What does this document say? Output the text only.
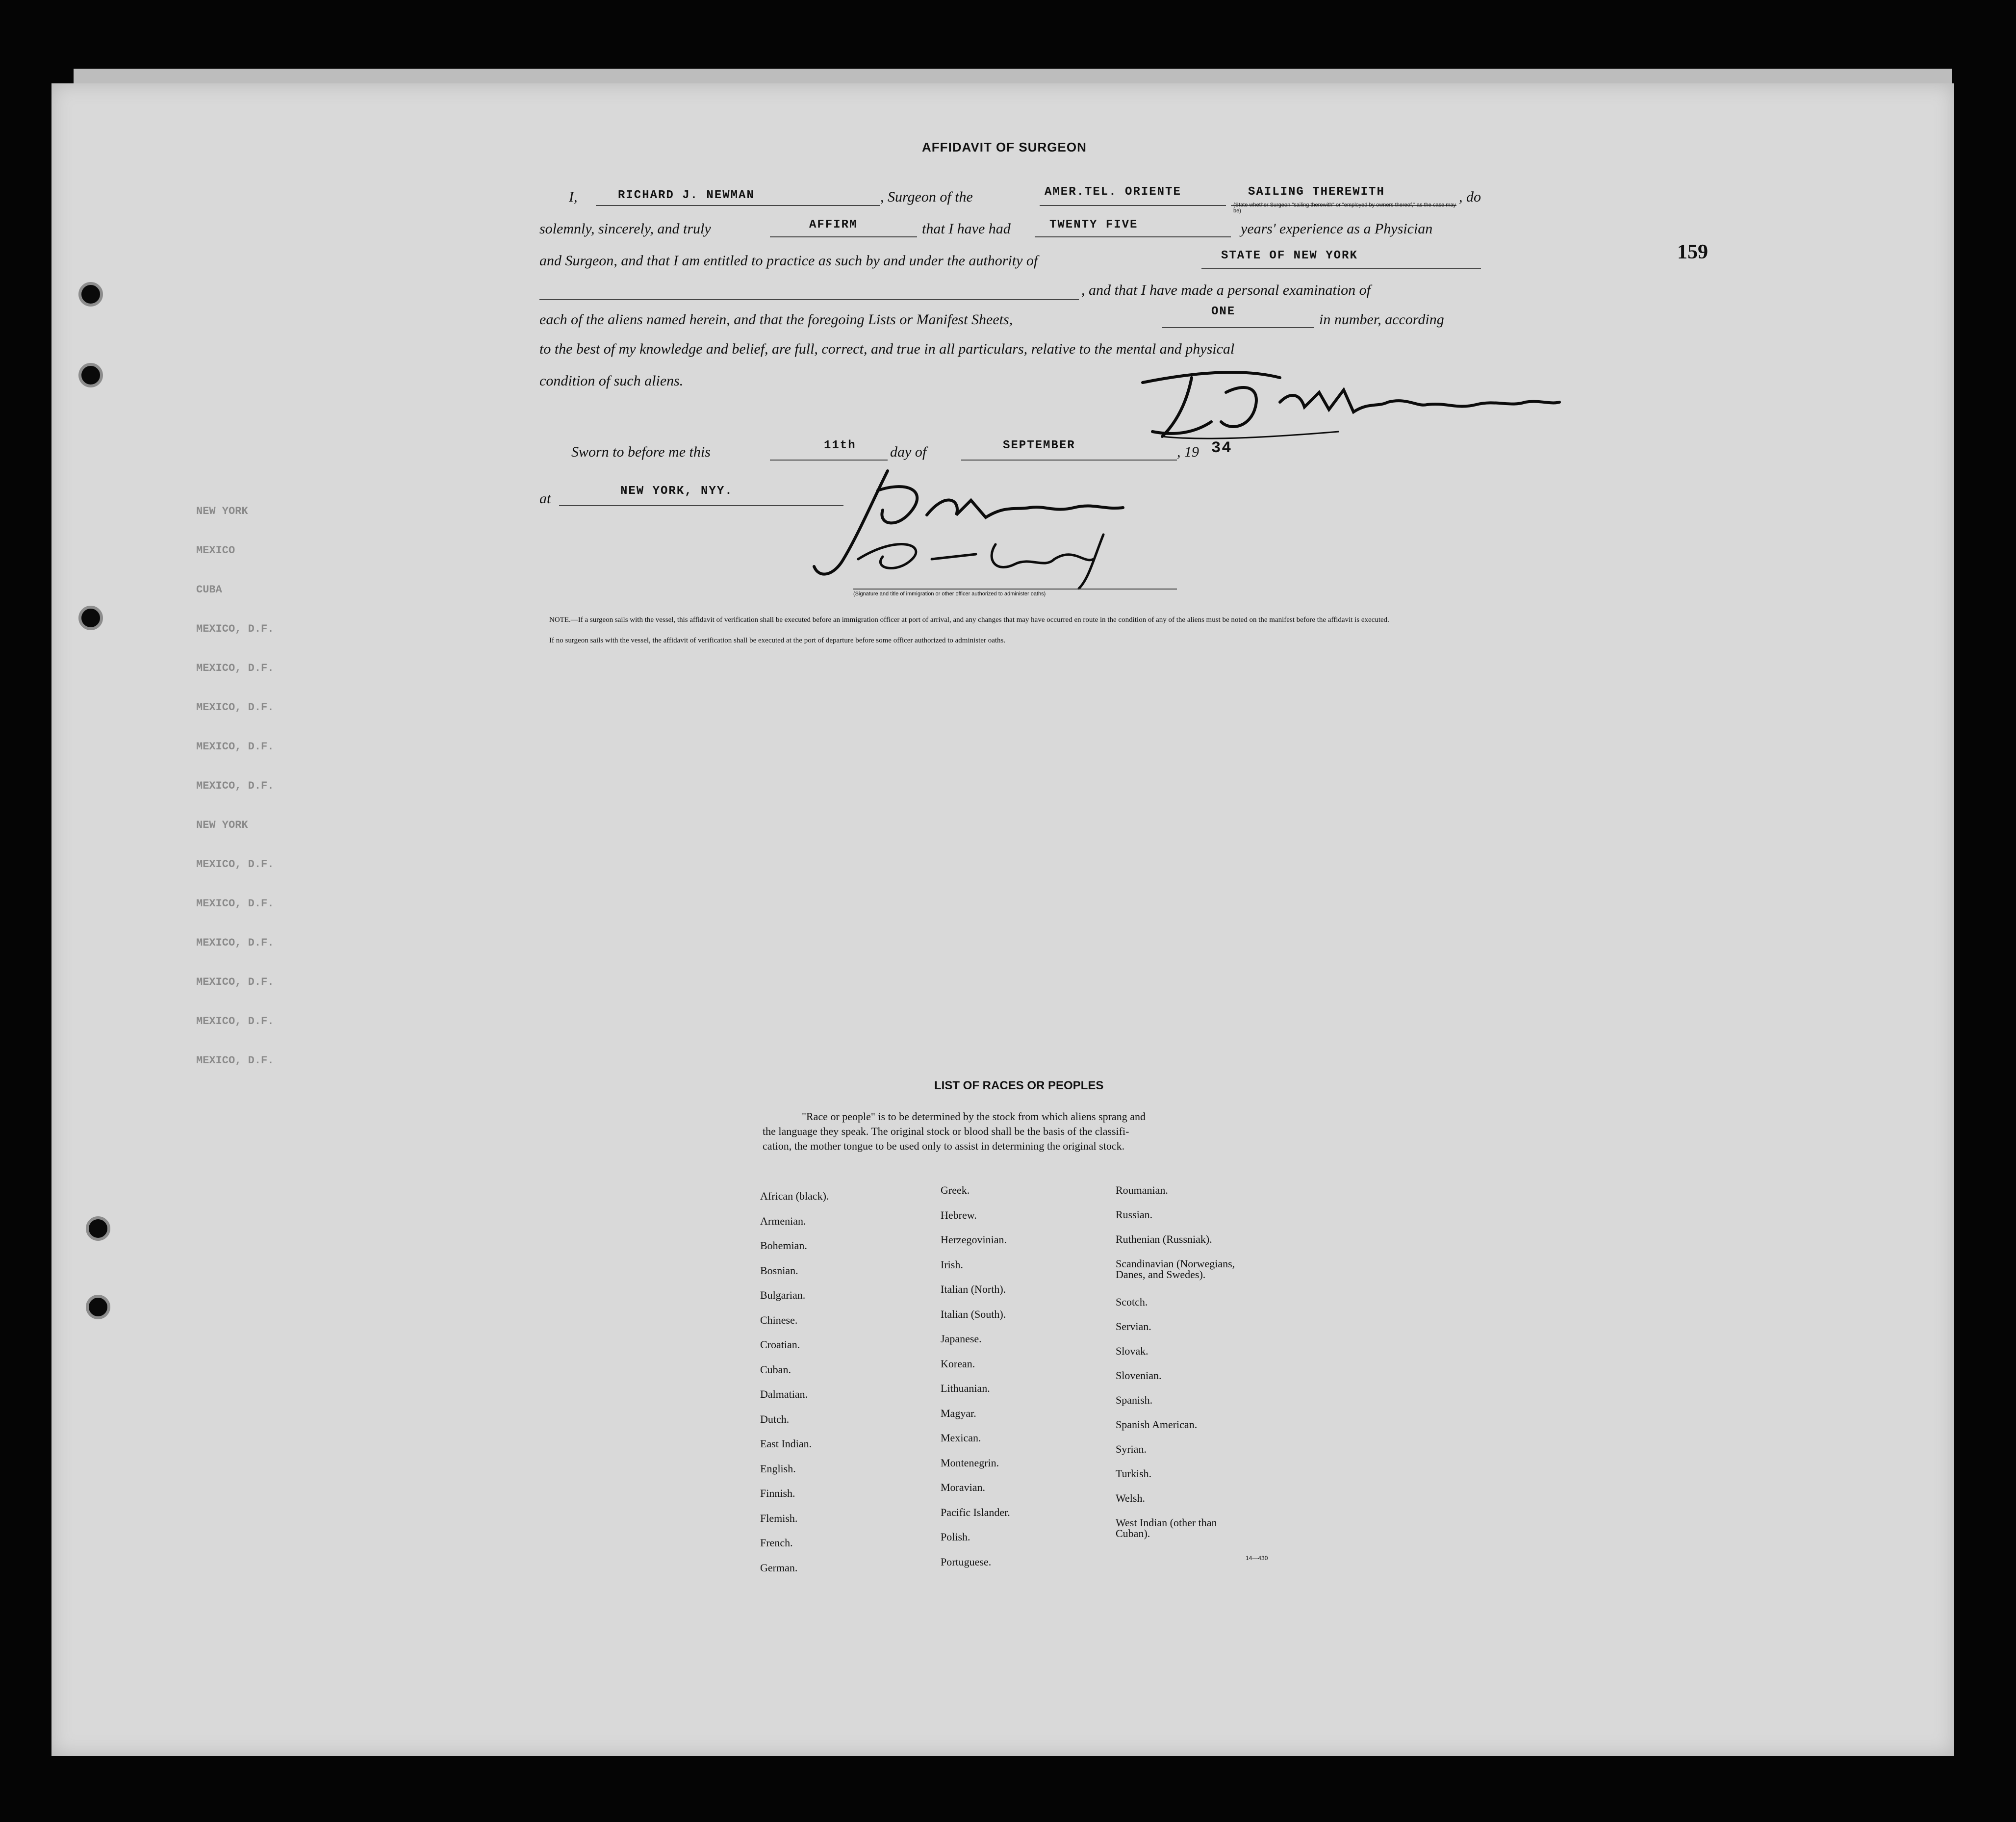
NEW YORK
MEXICO
CUBA
MEXICO, D.F.
MEXICO, D.F.
MEXICO, D.F.
MEXICO, D.F.
MEXICO, D.F.
NEW YORK
MEXICO, D.F.
MEXICO, D.F.
MEXICO, D.F.
MEXICO, D.F.
MEXICO, D.F.
MEXICO, D.F.
159
AFFIDAVIT OF SURGEON
I,	RICHARD J. NEWMAN	, Surgeon of the	AMER.TEL. ORIENTE	SAILING THEREWITH
(State whether Surgeon "sailing therewith" or "employed by owners thereof," as the case may be)
, do
solemnly, sincerely, and truly	AFFIRM	that I have had	TWENTY FIVE	years' experience as a Physician
and Surgeon, and that I am entitled to practice as such by and under the authority of	STATE OF NEW YORK
, and that I have made a personal examination of
each of the aliens named herein, and that the foregoing Lists or Manifest Sheets,	ONE	in number, according
to the best of my knowledge and belief, are full, correct, and true in all particulars, relative to the mental and physical
condition of such aliens.
Sworn to before me this	11th day of	SEPTEMBER	, 19 34
at	NEW YORK, NYY.
(Signature and title of immigration or other officer authorized to administer oaths)
NOTE.—If a surgeon sails with the vessel, this affidavit of verification shall be executed before an immigration officer at port of arrival, and any changes that may have occurred en route in the condition of any of the aliens must be noted on the manifest before the affidavit is executed.
If no surgeon sails with the vessel, the affidavit of verification shall be executed at the port of departure before some officer authorized to administer oaths.
LIST OF RACES OR PEOPLES
"Race or people" is to be determined by the stock from which aliens sprang and
the language they speak. The original stock or blood shall be the basis of the classifi-
cation, the mother tongue to be used only to assist in determining the original stock.
African (black).
Armenian.
Bohemian.
Bosnian.
Bulgarian.
Chinese.
Croatian.
Cuban.
Dalmatian.
Dutch.
East Indian.
English.
Finnish.
Flemish.
French.
German.
Greek.
Hebrew.
Herzegovinian.
Irish.
Italian (North).
Italian (South).
Japanese.
Korean.
Lithuanian.
Magyar.
Mexican.
Montenegrin.
Moravian.
Pacific Islander.
Polish.
Portuguese.
Roumanian.
Russian.
Ruthenian (Russniak).
Scandinavian (Norwegians,
Danes, and Swedes).
Scotch.
Servian.
Slovak.
Slovenian.
Spanish.
Spanish American.
Syrian.
Turkish.
Welsh.
West Indian (other than
Cuban).
14—430
